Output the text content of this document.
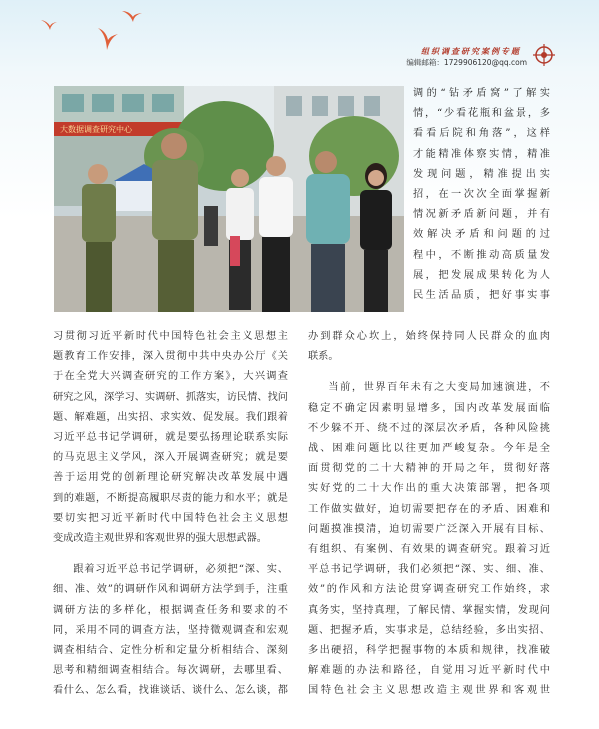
组织调查研究案例专题
编辑邮箱：1729906120@qq.com
大数据调查研究中心

调的“钻矛盾窝”了解实

情，“少看花瓶和盆景，多

看看后院和角落”，这样

才能精准体察实情，精准

发现问题，精准提出实

招，在一次次全面掌握新

情况新矛盾新问题，并有

效解决矛盾和问题的过

程中，不断推动高质量发

展，把发展成果转化为人

民生活品质，把好事实事

习贯彻习近平新时代中国特色社会主义思想主

题教育工作安排，深入贯彻中共中央办公厅《关

于在全党大兴调查研究的工作方案》，大兴调查

研究之风，深学习、实调研、抓落实，访民情、找问

题、解难题，出实招、求实效、促发展。我们跟着

习近平总书记学调研，就是要弘扬理论联系实际

的马克思主义学风，深入开展调查研究；就是要

善于运用党的创新理论研究解决改革发展中遇

到的难题，不断提高履职尽责的能力和水平；就是

要切实把习近平新时代中国特色社会主义思想

变成改造主观世界和客观世界的强大思想武器。

跟着习近平总书记学调研，必须把“深、实、

细、准、效”的调研作风和调研方法学到手，注重

调研方法的多样化，根据调查任务和要求的不

同，采用不同的调查方法，坚持微观调查和宏观

调查相结合、定性分析和定量分析相结合、深刻

思考和精细调查相结合。每次调研，去哪里看、

看什么、怎么看，找谁谈话、谈什么、怎么谈，都

办到群众心坎上，始终保持同人民群众的血肉

联系。

当前，世界百年未有之大变局加速演进，不

稳定不确定因素明显增多，国内改革发展面临

不少躲不开、绕不过的深层次矛盾，各种风险挑

战、困难问题比以往更加严峻复杂。今年是全

面贯彻党的二十大精神的开局之年，贯彻好落

实好党的二十大作出的重大决策部署，把各项

工作做实做好，迫切需要把存在的矛盾、困难和

问题摸准摸清，迫切需要广泛深入开展有目标、

有组织、有案例、有效果的调查研究。跟着习近

平总书记学调研，我们必须把“深、实、细、准、

效”的作风和方法论贯穿调查研究工作始终，求

真务实，坚持真理，了解民情、掌握实情，发现问

题、把握矛盾，实事求是，总结经验，多出实招、

多出硬招，科学把握事物的本质和规律，找准破

解难题的办法和路径，自觉用习近平新时代中

国特色社会主义思想改造主观世界和客观世
